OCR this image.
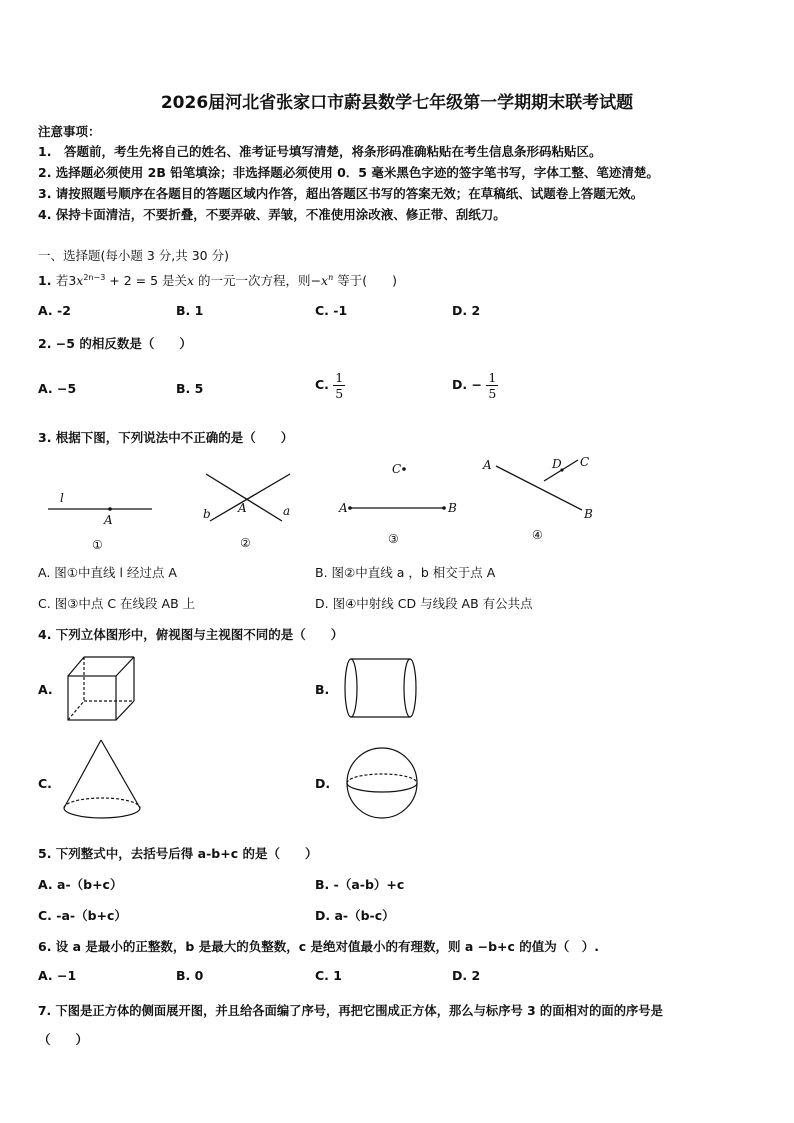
2026届河北省张家口市蔚县数学七年级第一学期期末联考试题
注意事项：
1.　答题前，考生先将自己的姓名、准考证号填写清楚，将条形码准确粘贴在考生信息条形码粘贴区。
2. 选择题必须使用 2B 铅笔填涂；非选择题必须使用 0．5 毫米黑色字迹的签字笔书写，字体工整、笔迹清楚。
3. 请按照题号顺序在各题目的答题区域内作答，超出答题区书写的答案无效；在草稿纸、试题卷上答题无效。
4. 保持卡面清洁，不要折叠，不要弄破、弄皱，不准使用涂改液、修正带、刮纸刀。
一、选择题(每小题 3 分,共 30 分)
1. 若$3x^{2n-3} + 2 = 5$ 是关x 的一元一次方程，则$-x^n$ 等于(　　)
A. -2	B. 1	C. -1	D. 2
2. −5 的相反数是（　　）
A. −5	B. 5	C. $\frac{1}{5}$	D. − $\frac{1}{5}$
3. 根据下图，下列说法中不正确的是（　　）
l
A
①
b A	a
②
C
A	B
③
A	D C
B
④
A. 图①中直线 l 经过点 A	B. 图②中直线 a ，b 相交于点 A
C. 图③中点 C 在线段 AB 上	D. 图④中射线 CD 与线段 AB 有公共点
4. 下列立体图形中，俯视图与主视图不同的是（　　）
A.	B.
C.	D.
5. 下列整式中，去括号后得 a-b+c 的是（　　）
A. a-（b+c）	B. -（a-b）+c
C. -a-（b+c）	D. a-（b-c）
6. 设 a 是最小的正整数，b 是最大的负整数，c 是绝对值最小的有理数，则 a −b+c 的值为（　）.
A. −1	B. 0	C. 1	D. 2
7. 下图是正方体的侧面展开图，并且给各面编了序号，再把它围成正方体，那么与标序号 3 的面相对的面的序号是
（　　）
